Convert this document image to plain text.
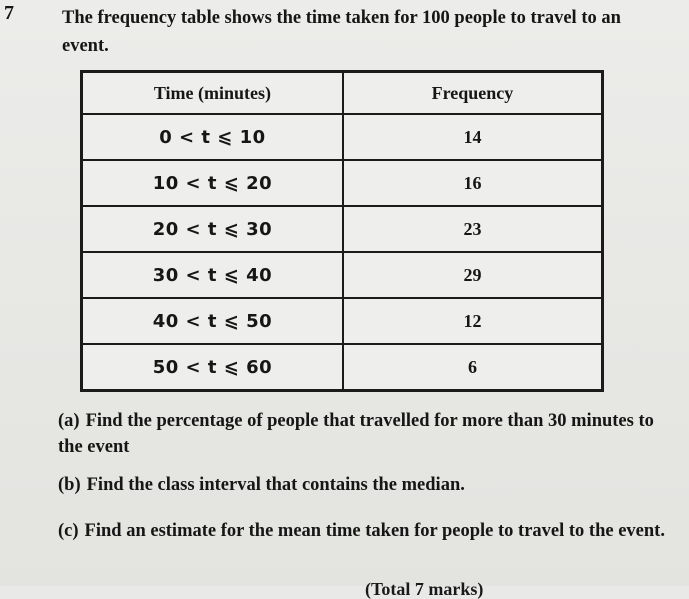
7	The frequency table shows the time taken for 100 people to travel to an event.
Time (minutes)	Frequency
0 < t ⩽ 10	14
10 < t ⩽ 20	16
20 < t ⩽ 30	23
30 < t ⩽ 40	29
40 < t ⩽ 50	12
50 < t ⩽ 60	6
(a) Find the percentage of people that travelled for more than 30 minutes to the event
(b) Find the class interval that contains the median.
(c) Find an estimate for the mean time taken for people to travel to the event.
(Total 7 marks)
